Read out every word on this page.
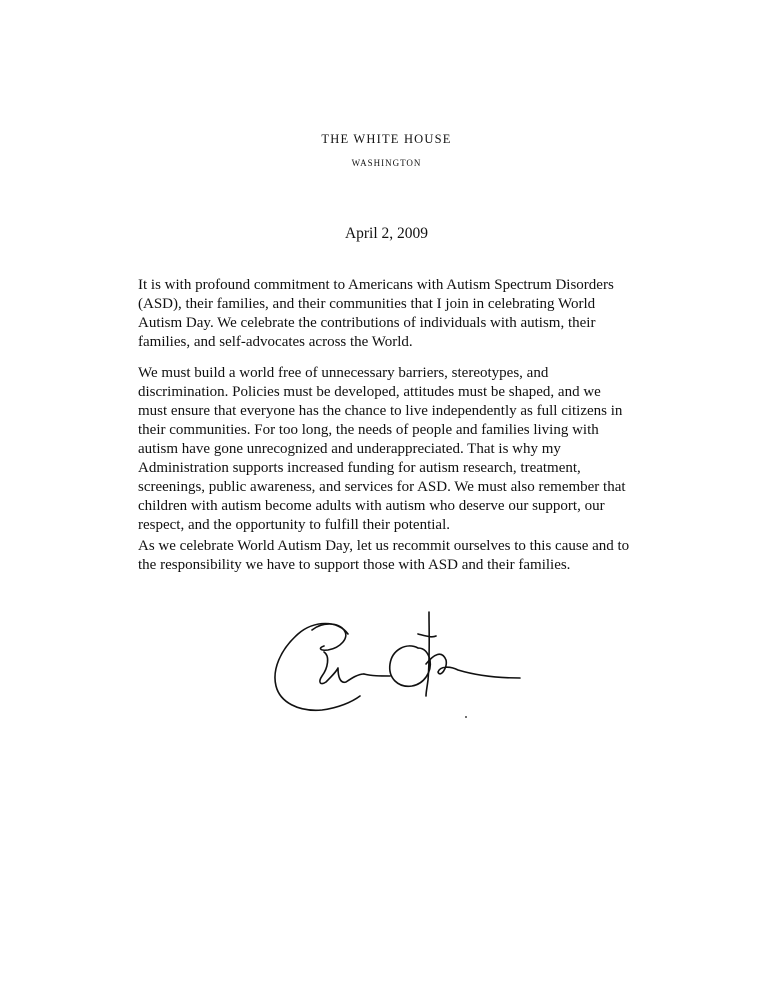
THE WHITE HOUSE
WASHINGTON
April 2, 2009
It is with profound commitment to Americans with Autism Spectrum Disorders
(ASD), their families, and their communities that I join in celebrating World
Autism Day. We celebrate the contributions of individuals with autism, their
families, and self-advocates across the World.
We must build a world free of unnecessary barriers, stereotypes, and
discrimination. Policies must be developed, attitudes must be shaped, and we
must ensure that everyone has the chance to live independently as full citizens in
their communities. For too long, the needs of people and families living with
autism have gone unrecognized and underappreciated. That is why my
Administration supports increased funding for autism research, treatment,
screenings, public awareness, and services for ASD. We must also remember that
children with autism become adults with autism who deserve our support, our
respect, and the opportunity to fulfill their potential.
As we celebrate World Autism Day, let us recommit ourselves to this cause and to
the responsibility we have to support those with ASD and their families.
